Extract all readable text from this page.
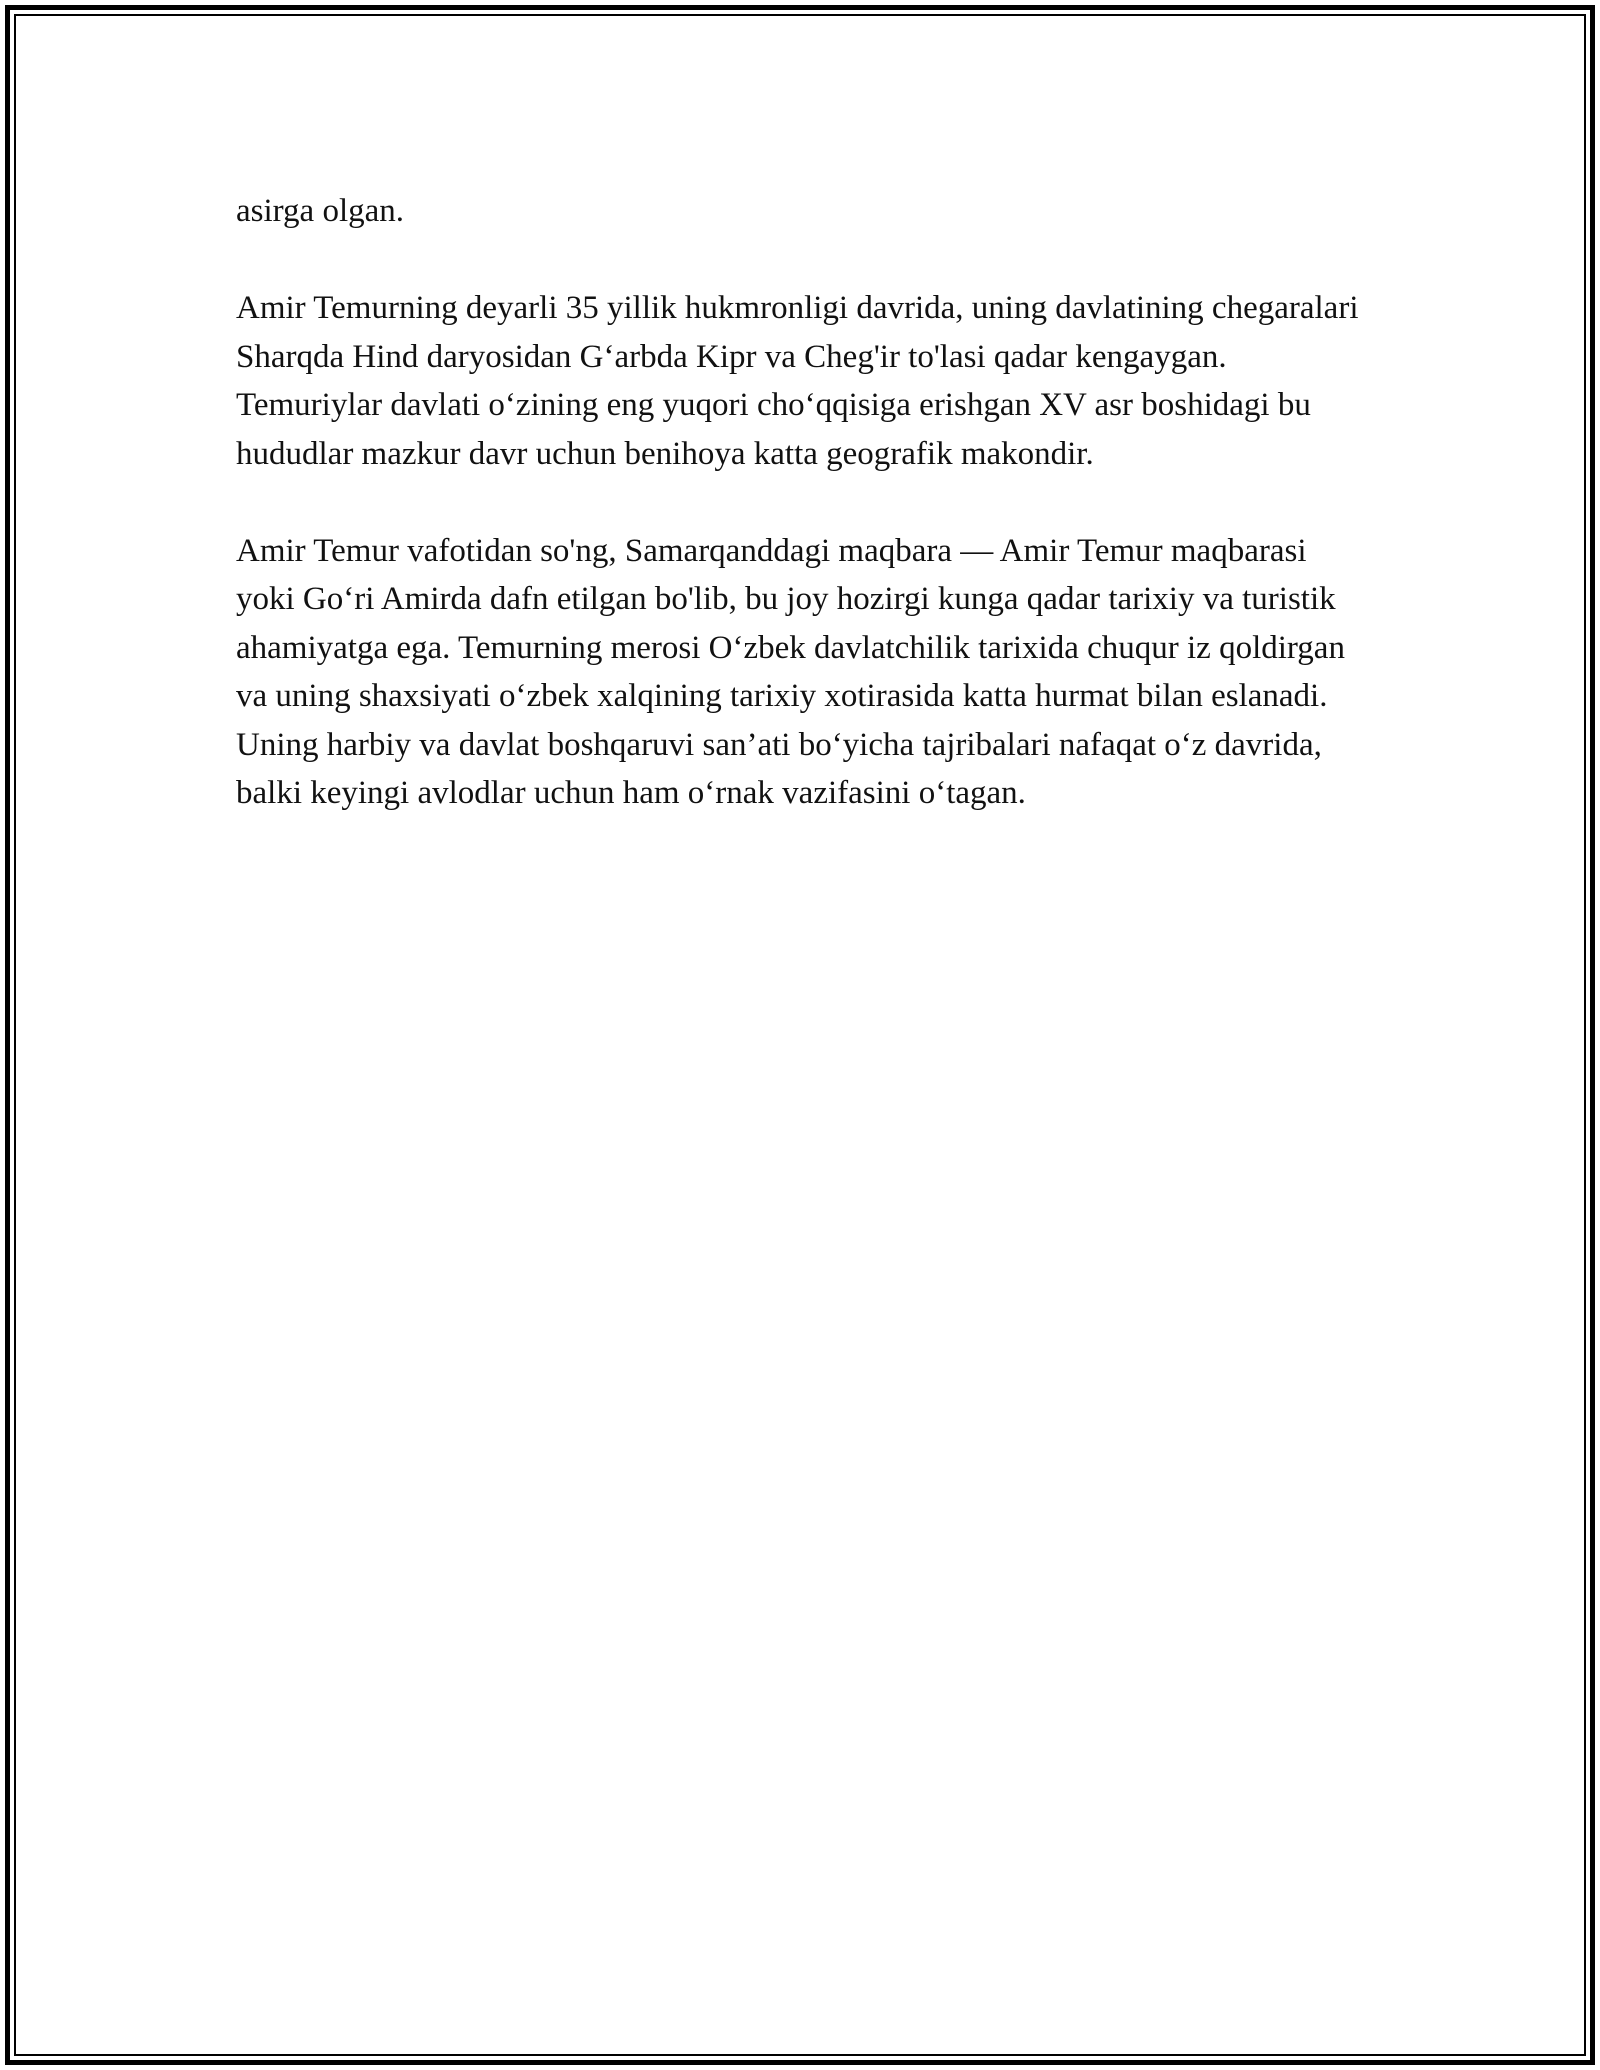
asirga olgan.

Amir Temurning deyarli 35 yillik hukmronligi davrida, uning davlatining chegaralari Sharqda Hind daryosidan G‘arbda Kipr va Cheg'ir to'lasi qadar kengaygan. Temuriylar davlati o‘zining eng yuqori cho‘qqisiga erishgan XV asr boshidagi bu hududlar mazkur davr uchun benihoya katta geografik makondir.

Amir Temur vafotidan so'ng, Samarqanddagi maqbara — Amir Temur maqbarasi yoki Go‘ri Amirda dafn etilgan bo'lib, bu joy hozirgi kunga qadar tarixiy va turistik ahamiyatga ega. Temurning merosi O‘zbek davlatchilik tarixida chuqur iz qoldirgan va uning shaxsiyati o‘zbek xalqining tarixiy xotirasida katta hurmat bilan eslanadi. Uning harbiy va davlat boshqaruvi san’ati bo‘yicha tajribalari nafaqat o‘z davrida, balki keyingi avlodlar uchun ham o‘rnak vazifasini o‘tagan.
